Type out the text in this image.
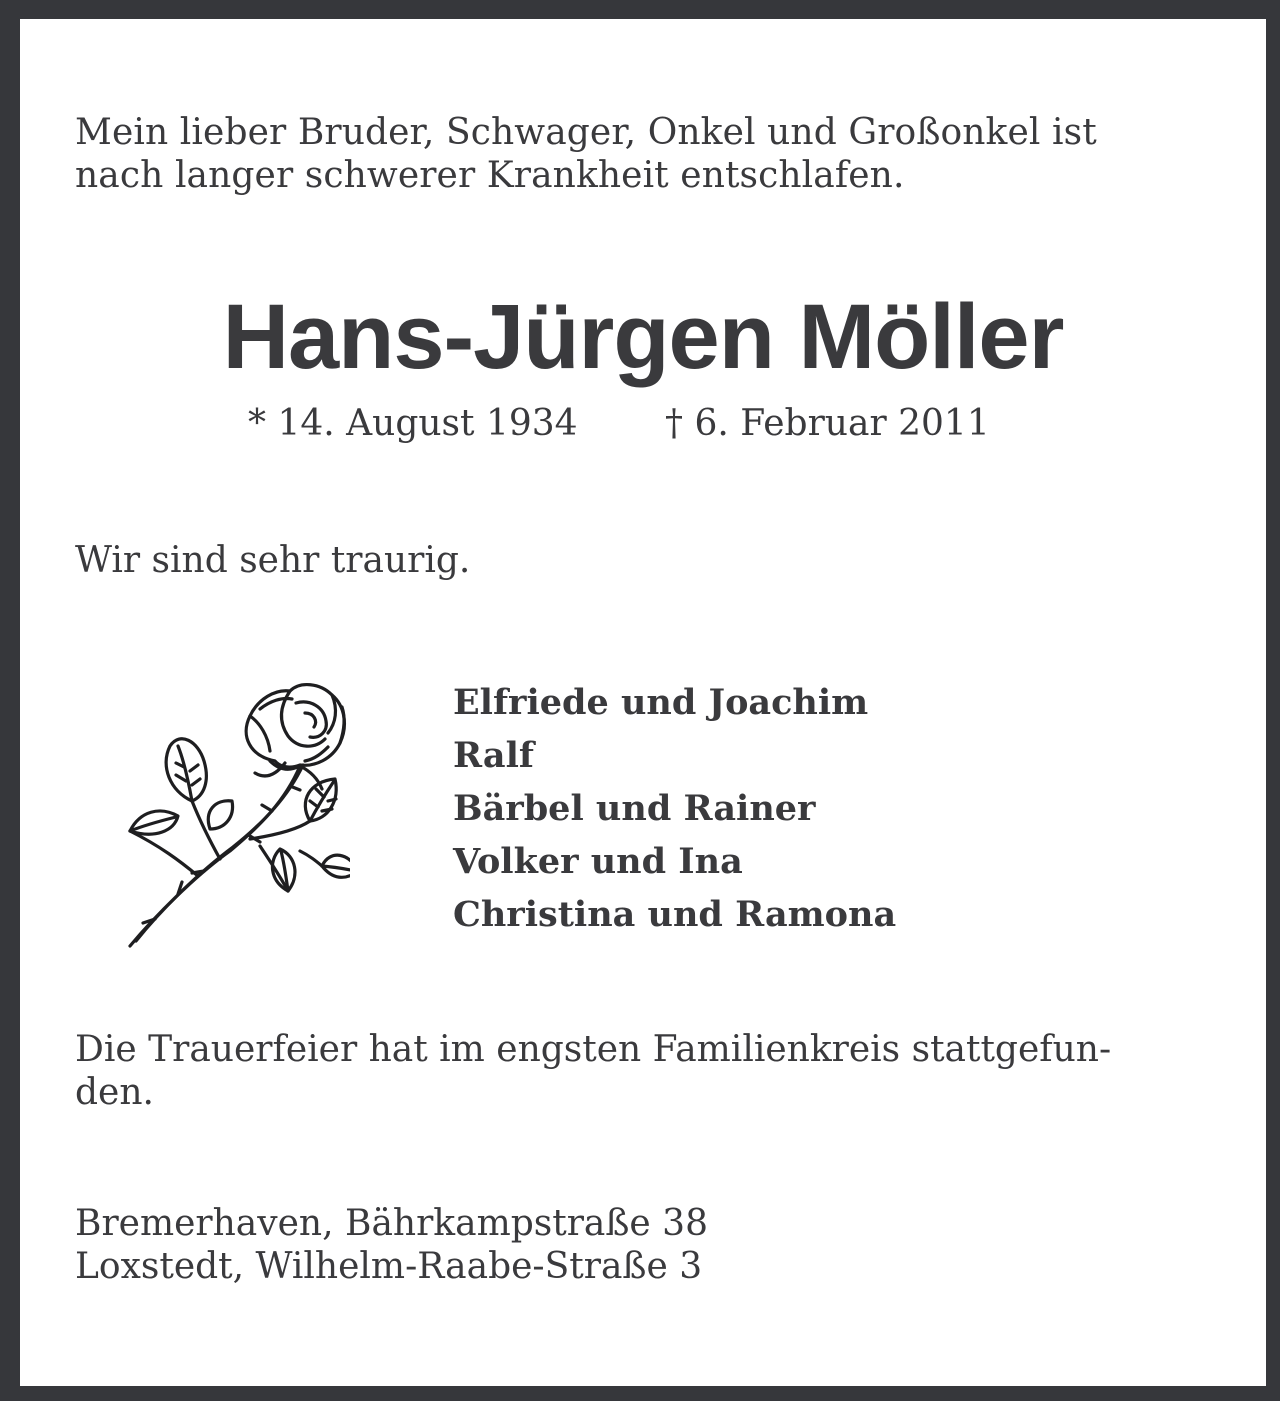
Mein lieber Bruder, Schwager, Onkel und Großonkel ist
nach langer schwerer Krankheit entschlafen.
Hans-Jürgen Möller
* 14. August 1934 † 6. Februar 2011
Wir sind sehr traurig.
Elfriede und Joachim
Ralf
Bärbel und Rainer
Volker und Ina
Christina und Ramona
Die Trauerfeier hat im engsten Familienkreis stattgefun-
den.
Bremerhaven, Bährkampstraße 38
Loxstedt, Wilhelm-Raabe-Straße 3
